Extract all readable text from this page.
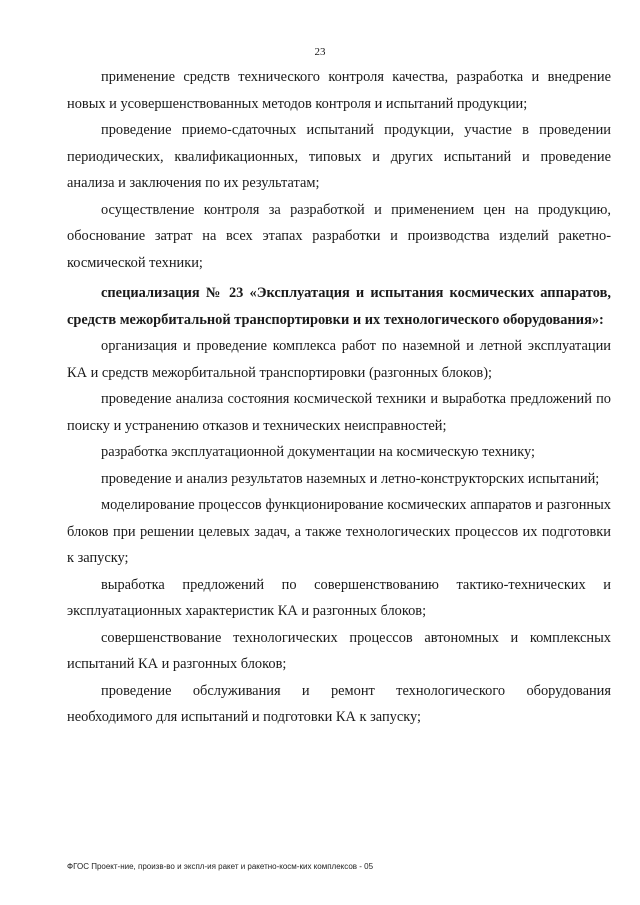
23

применение средств технического контроля качества, разработка и внедрение новых и усовершенствованных методов контроля и испытаний продукции;

проведение приемо-сдаточных испытаний продукции, участие в проведении периодических, квалификационных, типовых и других испытаний и проведение анализа и заключения по их результатам;

осуществление контроля за разработкой и применением цен на продукцию, обоснование затрат на всех этапах разработки и производства изделий ракетно-космической техники;

специализация № 23 «Эксплуатация и испытания космических аппаратов, средств межорбитальной транспортировки и их технологического оборудования»:

организация и проведение комплекса работ по наземной и летной эксплуатации КА и средств межорбитальной транспортировки (разгонных блоков);

проведение анализа состояния космической техники и выработка предложений по поиску и устранению отказов и технических неисправностей;

разработка эксплуатационной документации на космическую технику;

проведение и анализ результатов наземных и летно-конструкторских испытаний;

моделирование процессов функционирование космических аппаратов и разгонных блоков при решении целевых задач, а также технологических процессов их подготовки к запуску;

выработка предложений по совершенствованию тактико-технических и эксплуатационных характеристик КА и разгонных блоков;

совершенствование технологических процессов автономных и комплексных испытаний КА и разгонных блоков;

проведение обслуживания и ремонт технологического оборудования необходимого для испытаний и подготовки КА к запуску;

ФГОС Проект-ние, произв-во и экспл-ия ракет и ракетно-косм-ких комплексов - 05
